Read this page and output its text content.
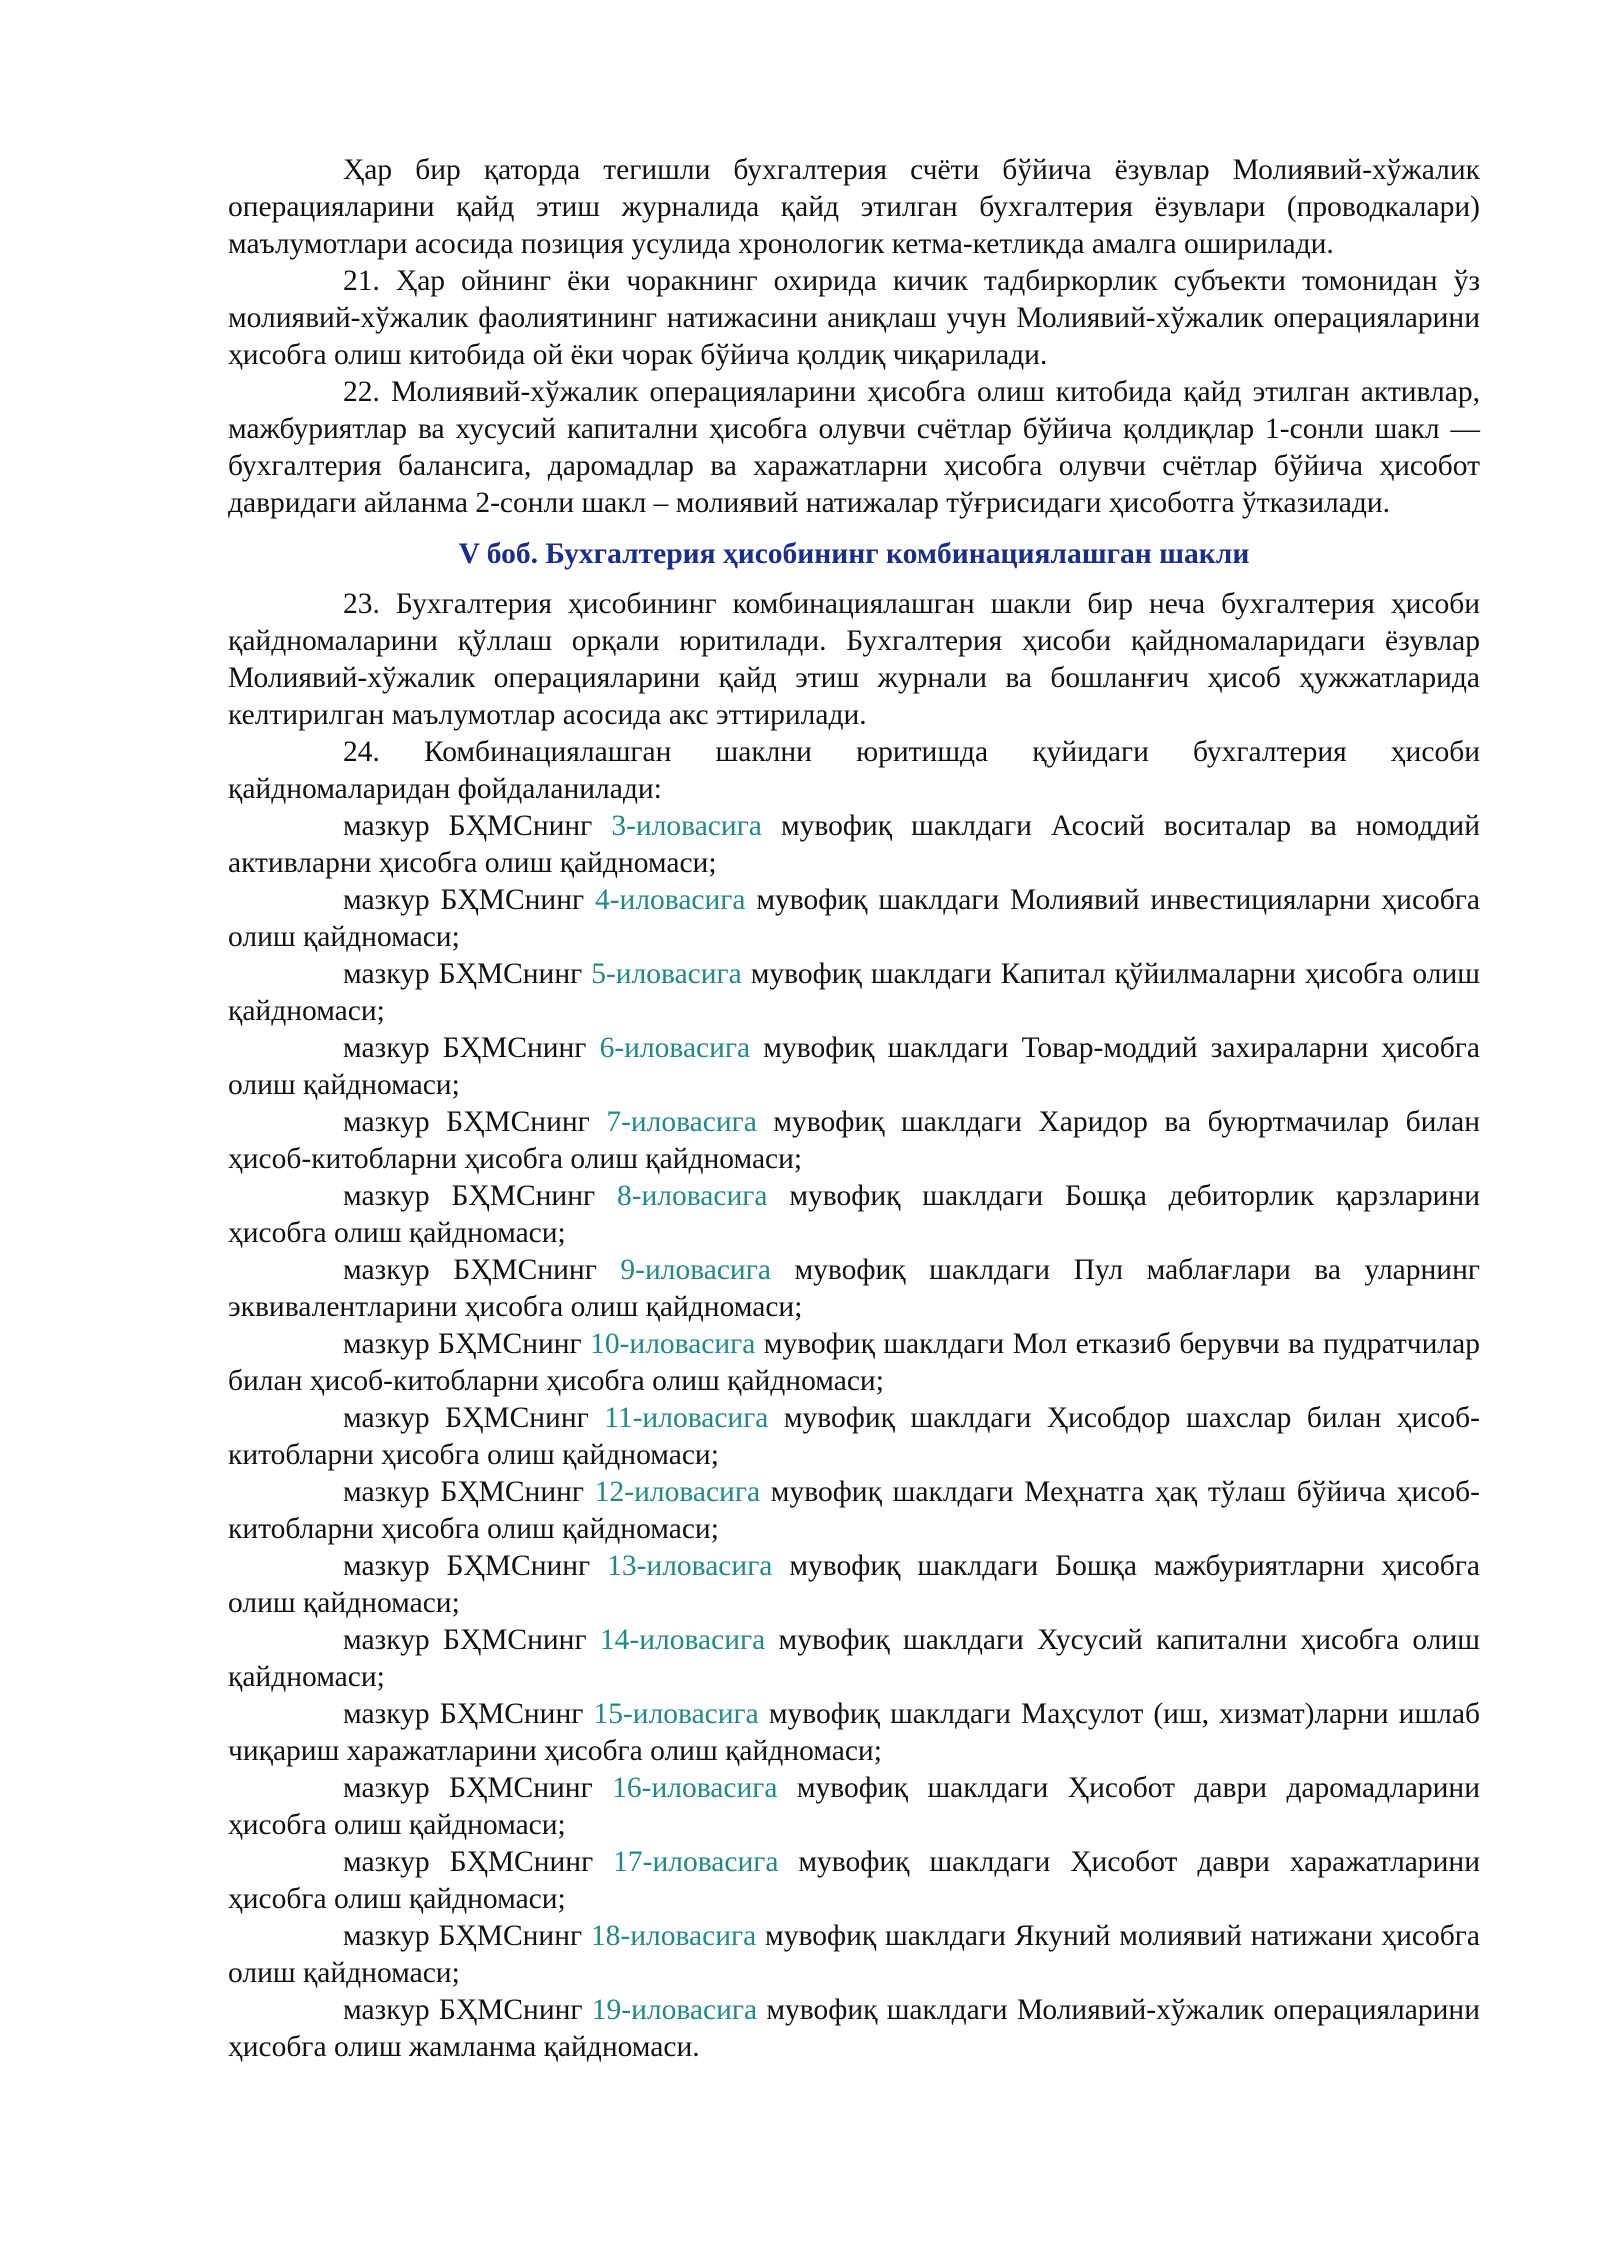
Ҳар бир қаторда тегишли бухгалтерия счёти бўйича ёзувлар Молиявий-хўжалик операцияларини қайд этиш журналида қайд этилган бухгалтерия ёзувлари (проводкалари) маълумотлари асосида позиция усулида хронологик кетма-кетликда амалга оширилади.

21. Ҳар ойнинг ёки чоракнинг охирида кичик тадбиркорлик субъекти томонидан ўз молиявий-хўжалик фаолиятининг натижасини аниқлаш учун Молиявий-хўжалик операцияларини ҳисобга олиш китобида ой ёки чорак бўйича қолдиқ чиқарилади.

22. Молиявий-хўжалик операцияларини ҳисобга олиш китобида қайд этилган активлар, мажбуриятлар ва хусусий капитални ҳисобга олувчи счётлар бўйича қолдиқлар 1-сонли шакл — бухгалтерия балансига, даромадлар ва харажатларни ҳисобга олувчи счётлар бўйича ҳисобот давридаги айланма 2-сонли шакл – молиявий натижалар тўғрисидаги ҳисоботга ўтказилади.

V боб. Бухгалтерия ҳисобининг комбинациялашган шакли

23. Бухгалтерия ҳисобининг комбинациялашган шакли бир неча бухгалтерия ҳисоби қайдномаларини қўллаш орқали юритилади. Бухгалтерия ҳисоби қайдномаларидаги ёзувлар Молиявий-хўжалик операцияларини қайд этиш журнали ва бошланғич ҳисоб ҳужжатларида келтирилган маълумотлар асосида акс эттирилади.

24. Комбинациялашган шаклни юритишда қуйидаги бухгалтерия ҳисоби қайдномаларидан фойдаланилади:

мазкур БҲМСнинг 3-иловасига мувофиқ шаклдаги Асосий воситалар ва номоддий активларни ҳисобга олиш қайдномаси;

мазкур БҲМСнинг 4-иловасига мувофиқ шаклдаги Молиявий инвестицияларни ҳисобга олиш қайдномаси;

мазкур БҲМСнинг 5-иловасига мувофиқ шаклдаги Капитал қўйилмаларни ҳисобга олиш қайдномаси;

мазкур БҲМСнинг 6-иловасига мувофиқ шаклдаги Товар-моддий захираларни ҳисобга олиш қайдномаси;

мазкур БҲМСнинг 7-иловасига мувофиқ шаклдаги Харидор ва буюртмачилар билан ҳисоб-китобларни ҳисобга олиш қайдномаси;

мазкур БҲМСнинг 8-иловасига мувофиқ шаклдаги Бошқа дебиторлик қарзларини ҳисобга олиш қайдномаси;

мазкур БҲМСнинг 9-иловасига мувофиқ шаклдаги Пул маблағлари ва уларнинг эквивалентларини ҳисобга олиш қайдномаси;

мазкур БҲМСнинг 10-иловасига мувофиқ шаклдаги Мол етказиб берувчи ва пудратчилар билан ҳисоб-китобларни ҳисобга олиш қайдномаси;

мазкур БҲМСнинг 11-иловасига мувофиқ шаклдаги Ҳисобдор шахслар билан ҳисоб-китобларни ҳисобга олиш қайдномаси;

мазкур БҲМСнинг 12-иловасига мувофиқ шаклдаги Меҳнатга ҳақ тўлаш бўйича ҳисоб-китобларни ҳисобга олиш қайдномаси;

мазкур БҲМСнинг 13-иловасига мувофиқ шаклдаги Бошқа мажбуриятларни ҳисобга олиш қайдномаси;

мазкур БҲМСнинг 14-иловасига мувофиқ шаклдаги Хусусий капитални ҳисобга олиш қайдномаси;

мазкур БҲМСнинг 15-иловасига мувофиқ шаклдаги Маҳсулот (иш, хизмат)ларни ишлаб чиқариш харажатларини ҳисобга олиш қайдномаси;

мазкур БҲМСнинг 16-иловасига мувофиқ шаклдаги Ҳисобот даври даромадларини ҳисобга олиш қайдномаси;

мазкур БҲМСнинг 17-иловасига мувофиқ шаклдаги Ҳисобот даври харажатларини ҳисобга олиш қайдномаси;

мазкур БҲМСнинг 18-иловасига мувофиқ шаклдаги Якуний молиявий натижани ҳисобга олиш қайдномаси;

мазкур БҲМСнинг 19-иловасига мувофиқ шаклдаги Молиявий-хўжалик операцияларини ҳисобга олиш жамланма қайдномаси.
